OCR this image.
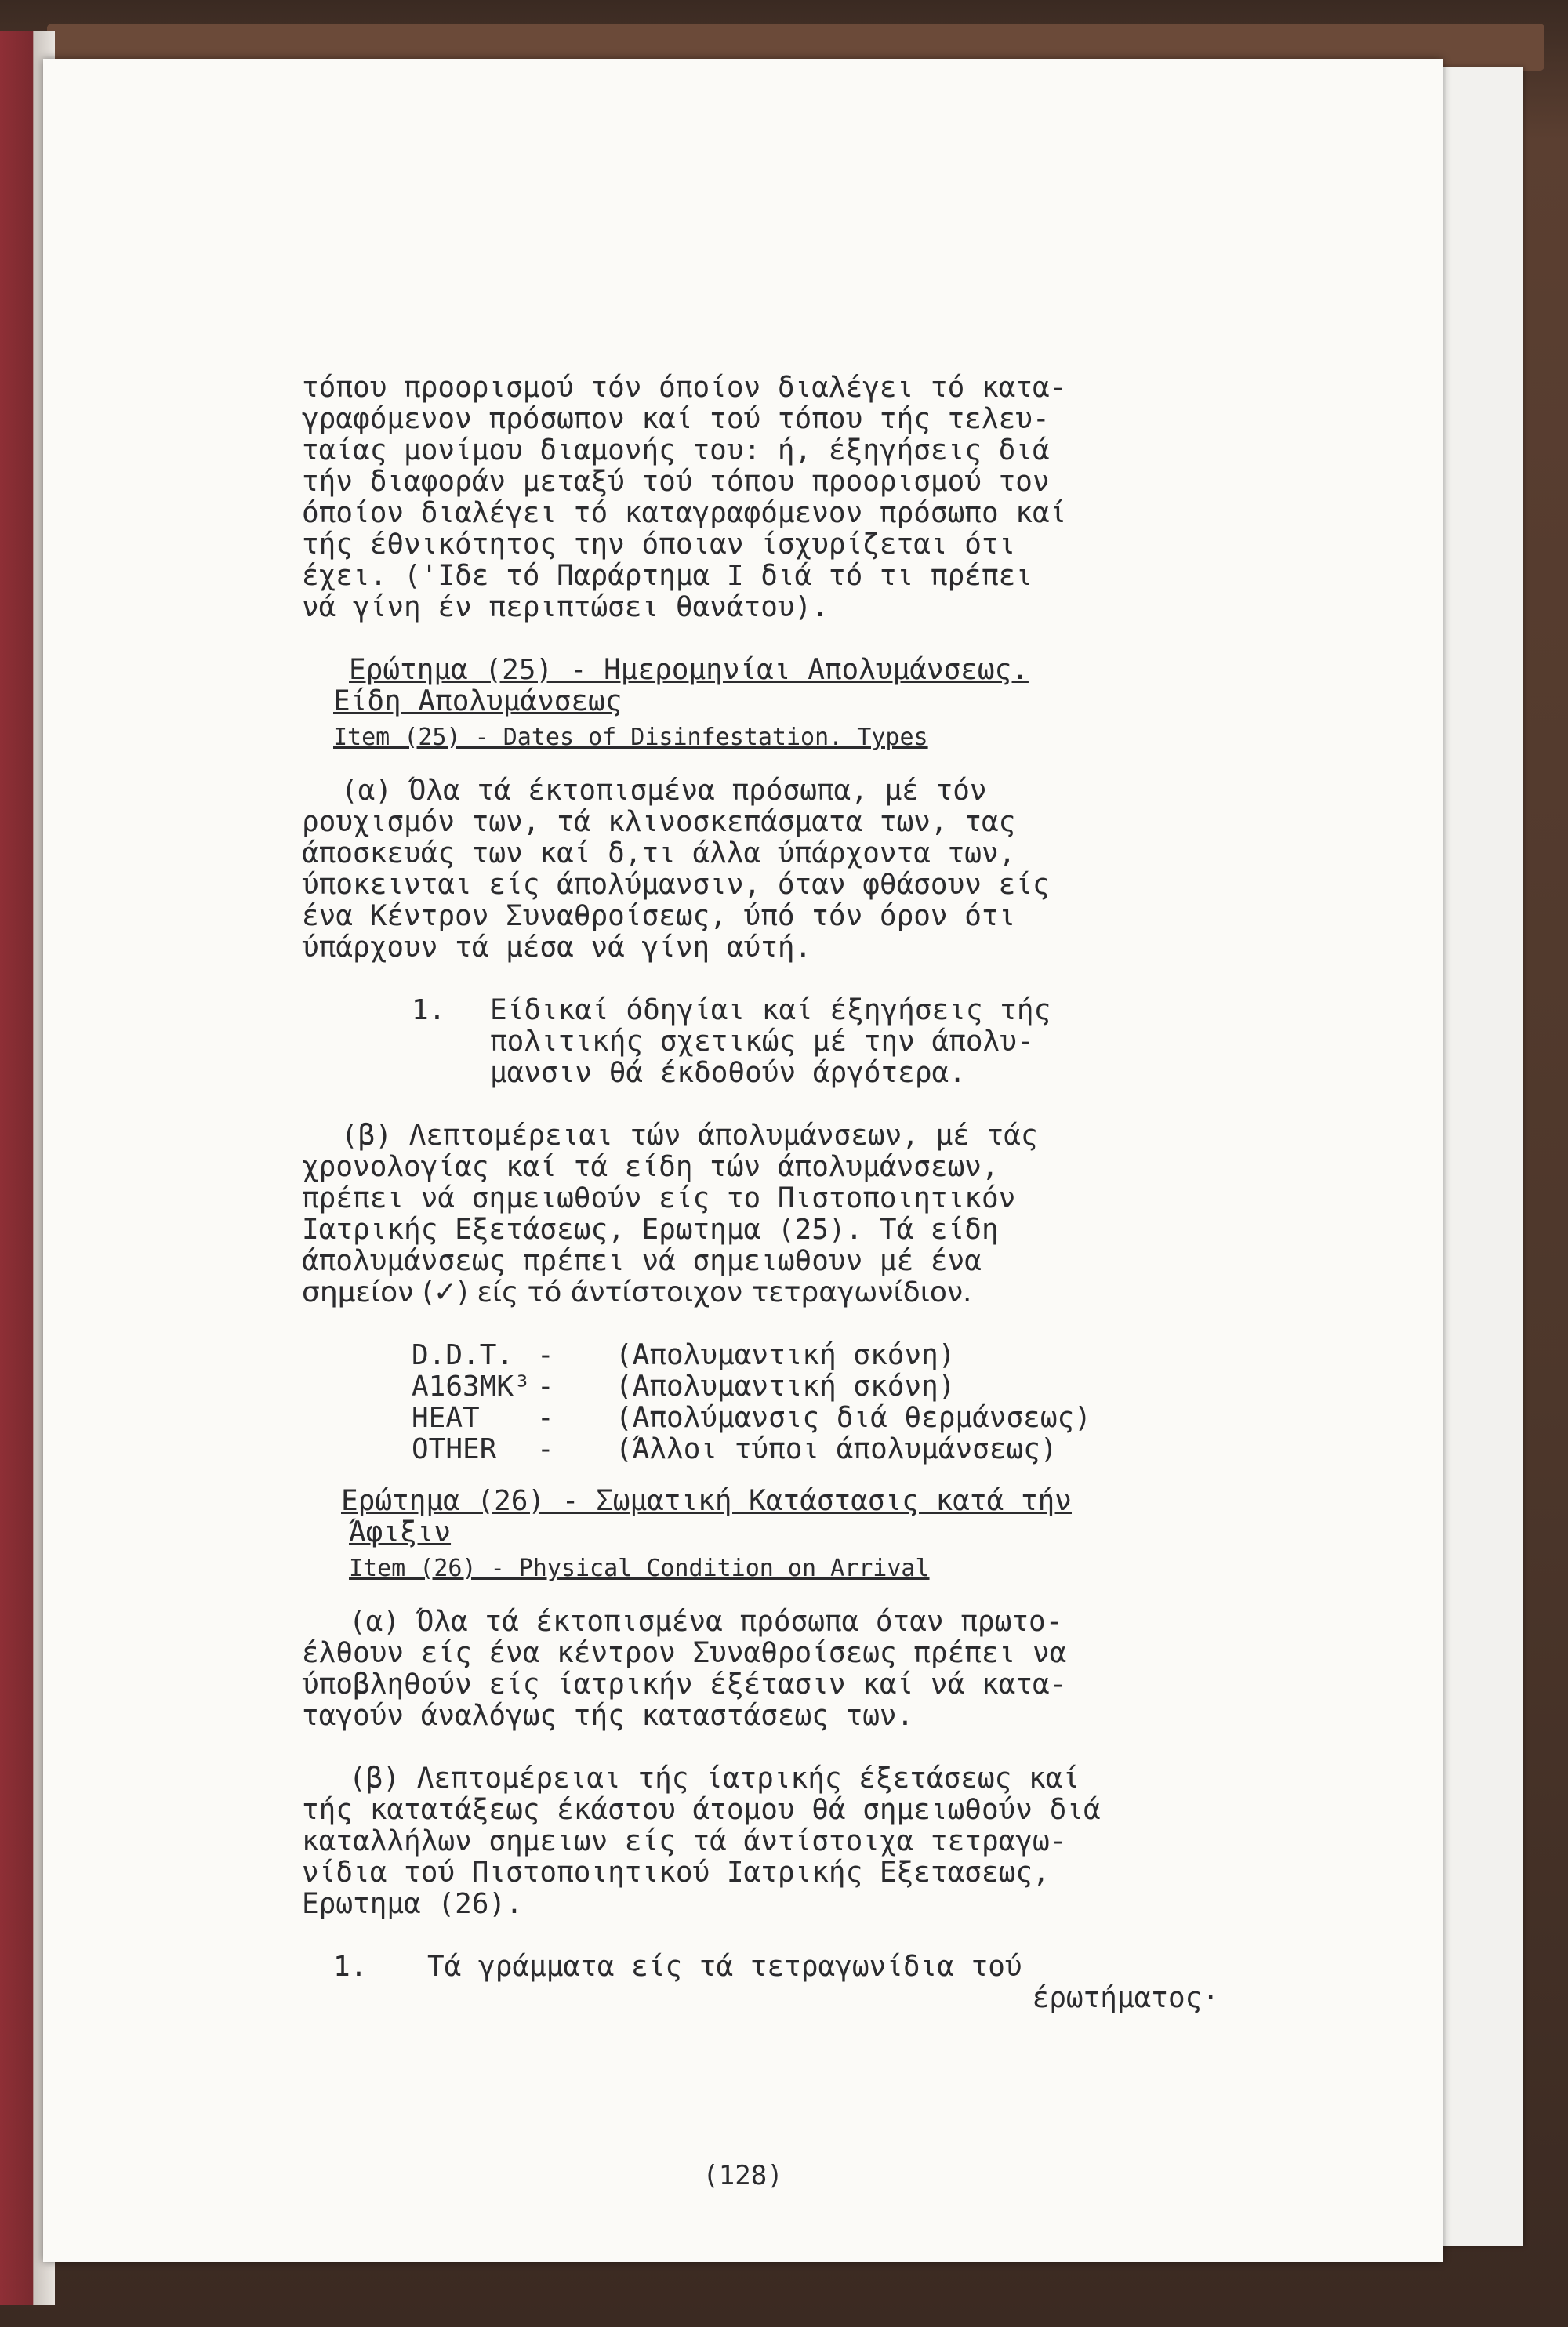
τόπου προορισμού τόν όποίον διαλέγει τό κατα-

γραφόμενον πρόσωπον καί τού τόπου τής τελευ-

ταίας μονίμου διαμονής του: ή, έξηγήσεις διά

τήν διαφοράν μεταξύ τού τόπου προορισμού τον

όποίον διαλέγει τό καταγραφόμενον πρόσωπο καί

τής έθνικότητος την όποιαν ίσχυρίζεται ότι

έχει. ('Ιδε τό Παράρτημα I διά τό τι πρέπει

νά γίνη έν περιπτώσει θανάτου).

Ερώτημα (25) - Ημερομηνίαι Απολυμάνσεως.

Είδη Απολυμάνσεως

Item (25) - Dates of Disinfestation. Types

(α) Όλα τά έκτοπισμένα πρόσωπα, μέ τόν

ρουχισμόν των, τά κλινοσκεπάσματα των, τας

άποσκευάς των καί δ,τι άλλα ύπάρχοντα των,

ύποκεινται είς άπολύμανσιν, όταν φθάσουν είς

ένα Κέντρον Συναθροίσεως, ύπό τόν όρον ότι

ύπάρχουν τά μέσα νά γίνη αύτή.

1.	Είδικαί όδηγίαι καί έξηγήσεις τής

πολιτικής σχετικώς μέ την άπολυ-

μανσιν θά έκδοθούν άργότερα.

(β) Λεπτομέρειαι τών άπολυμάνσεων, μέ τάς

χρονολογίας καί τά είδη τών άπολυμάνσεων,

πρέπει νά σημειωθούν είς το Πιστοποιητικόν

Ιατρικής Εξετάσεως, Ερωτημα (25). Τά είδη

άπολυμάνσεως πρέπει νά σημειωθουν μέ ένα

σημείον (✓) είς τό άντίστοιχον τετραγωνίδιον.

D.D.T. -	(Απολυμαντική σκόνη)
A163MK³ -	(Απολυμαντική σκόνη)
HEAT	-	(Απολύμανσις διά θερμάνσεως)
OTHER	-	(Άλλοι τύποι άπολυμάνσεως)

Ερώτημα (26) - Σωματική Κατάστασις κατά τήν

Άφιξιν

Item (26) - Physical Condition on Arrival

(α) Όλα τά έκτοπισμένα πρόσωπα όταν πρωτο-

έλθουν είς ένα κέντρον Συναθροίσεως πρέπει να

ύποβληθούν είς ίατρικήν έξέτασιν καί νά κατα-

ταγούν άναλόγως τής καταστάσεως των.

(β) Λεπτομέρειαι τής ίατρικής έξετάσεως καί

τής κατατάξεως έκάστου άτομου θά σημειωθούν διά

καταλλήλων σημειων είς τά άντίστοιχα τετραγω-

νίδια τού Πιστοποιητικού Ιατρικής Εξετασεως,

Ερωτημα (26).

1.	Τά γράμματα είς τά τετραγωνίδια τού

έρωτήματος·

(128)
